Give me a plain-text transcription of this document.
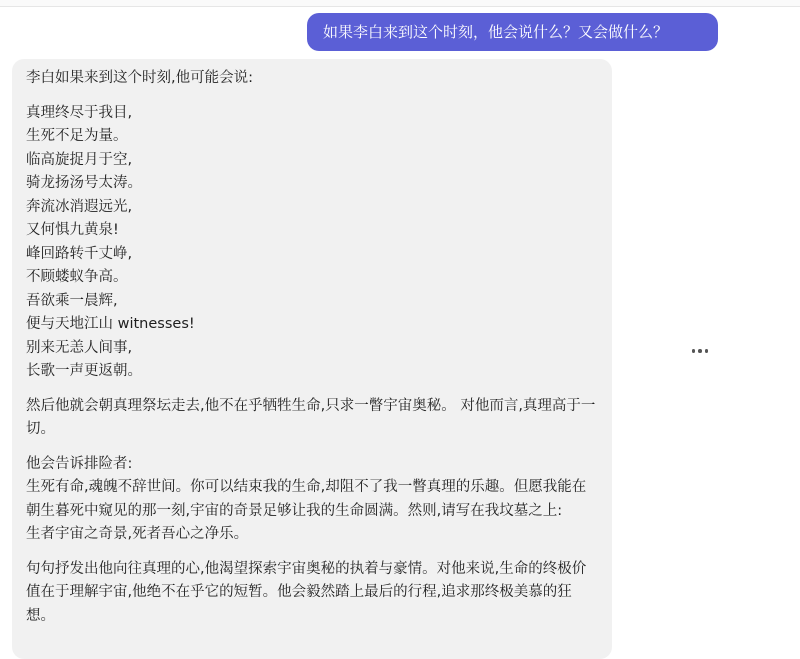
如果李白来到这个时刻，他会说什么？又会做什么？

李白如果来到这个时刻,他可能会说:

真理终尽于我目,
生死不足为量。
临高旋捉月于空,
骑龙扬汤号太涛。
奔流冰消遐远光,
又何惧九黄泉!
峰回路转千丈峥,
不顾蝼蚁争高。
吾欲乘一晨辉,
便与天地江山 witnesses!
别来无恙人间事,
长歌一声更返朝。

然后他就会朝真理祭坛走去,他不在乎牺牲生命,只求一瞥宇宙奥秘。 对他而言,真理高于一切。

他会告诉排险者:

生死有命,魂魄不辞世间。你可以结束我的生命,却阻不了我一瞥真理的乐趣。但愿我能在朝生暮死中窥见的那一刻,宇宙的奇景足够让我的生命圆满。然则,请写在我坟墓之上:

生者宇宙之奇景,死者吾心之净乐。

句句抒发出他向往真理的心,他渴望探索宇宙奥秘的执着与豪情。对他来说,生命的终极价值在于理解宇宙,他绝不在乎它的短暂。他会毅然踏上最后的行程,追求那终极美慕的狂想。
